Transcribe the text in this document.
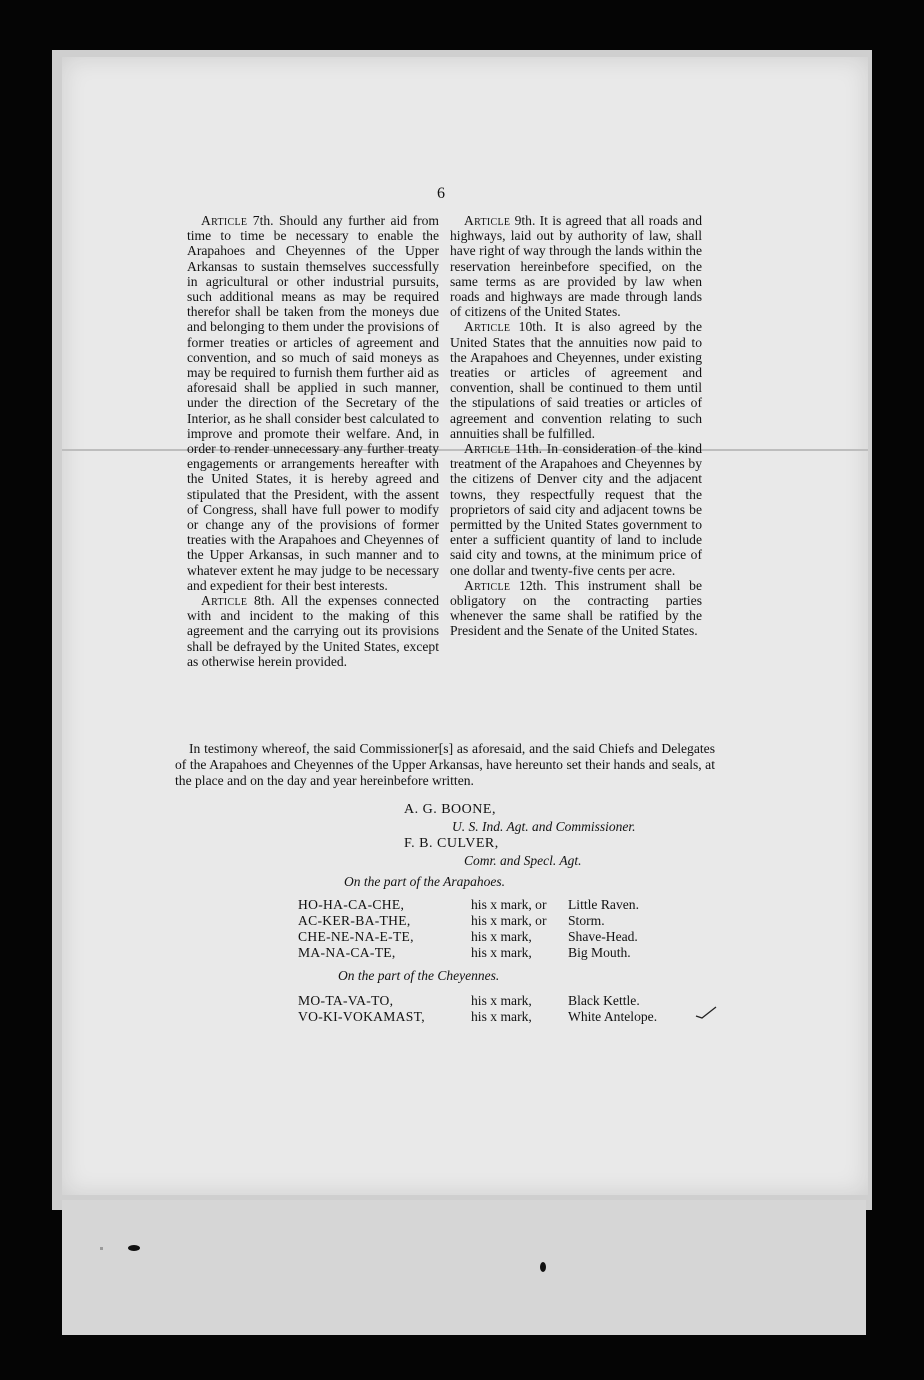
6

Article 7th. Should any further aid from time to time be necessary to enable the Arapahoes and Cheyennes of the Upper Arkansas to sustain themselves successfully in agricultural or other industrial pursuits, such additional means as may be required therefor shall be taken from the moneys due and belonging to them under the provisions of former treaties or articles of agreement and convention, and so much of said moneys as may be required to furnish them further aid as aforesaid shall be applied in such manner, under the direction of the Secretary of the Interior, as he shall consider best calculated to improve and promote their welfare. And, in order to render unnecessary any further treaty engagements or arrangements hereafter with the United States, it is hereby agreed and stipulated that the President, with the assent of Congress, shall have full power to modify or change any of the provisions of former treaties with the Arapahoes and Cheyennes of the Upper Arkansas, in such manner and to whatever extent he may judge to be necessary and expedient for their best interests.

Article 8th. All the expenses connected with and incident to the making of this agreement and the carrying out its provisions shall be defrayed by the United States, except as otherwise herein provided.

Article 9th. It is agreed that all roads and highways, laid out by authority of law, shall have right of way through the lands within the reservation hereinbefore specified, on the same terms as are provided by law when roads and highways are made through lands of citizens of the United States.

Article 10th. It is also agreed by the United States that the annuities now paid to the Arapahoes and Cheyennes, under existing treaties or articles of agreement and convention, shall be continued to them until the stipulations of said treaties or articles of agreement and convention relating to such annuities shall be fulfilled.

Article 11th. In consideration of the kind treatment of the Arapahoes and Cheyennes by the citizens of Denver city and the adjacent towns, they respectfully request that the proprietors of said city and adjacent towns be permitted by the United States government to enter a sufficient quantity of land to include said city and towns, at the minimum price of one dollar and twenty-five cents per acre.

Article 12th. This instrument shall be obligatory on the contracting parties whenever the same shall be ratified by the President and the Senate of the United States.

In testimony whereof, the said Commissioner[s] as aforesaid, and the said Chiefs and Delegates of the Arapahoes and Cheyennes of the Upper Arkansas, have hereunto set their hands and seals, at the place and on the day and year hereinbefore written.
A. G. BOONE,
U. S. Ind. Agt. and Commissioner.
F. B. CULVER,
Comr. and Specl. Agt.
On the part of the Arapahoes.
HO-HA-CA-CHE,	his x mark, or Little Raven.
AC-KER-BA-THE,	his x mark, or Storm.
CHE-NE-NA-E-TE,	his x mark,	Shave-Head.
MA-NA-CA-TE,	his x mark,	Big Mouth.
On the part of the Cheyennes.
MO-TA-VA-TO,	his x mark,	Black Kettle.
VO-KI-VOKAMAST,	his x mark,	White Antelope.
